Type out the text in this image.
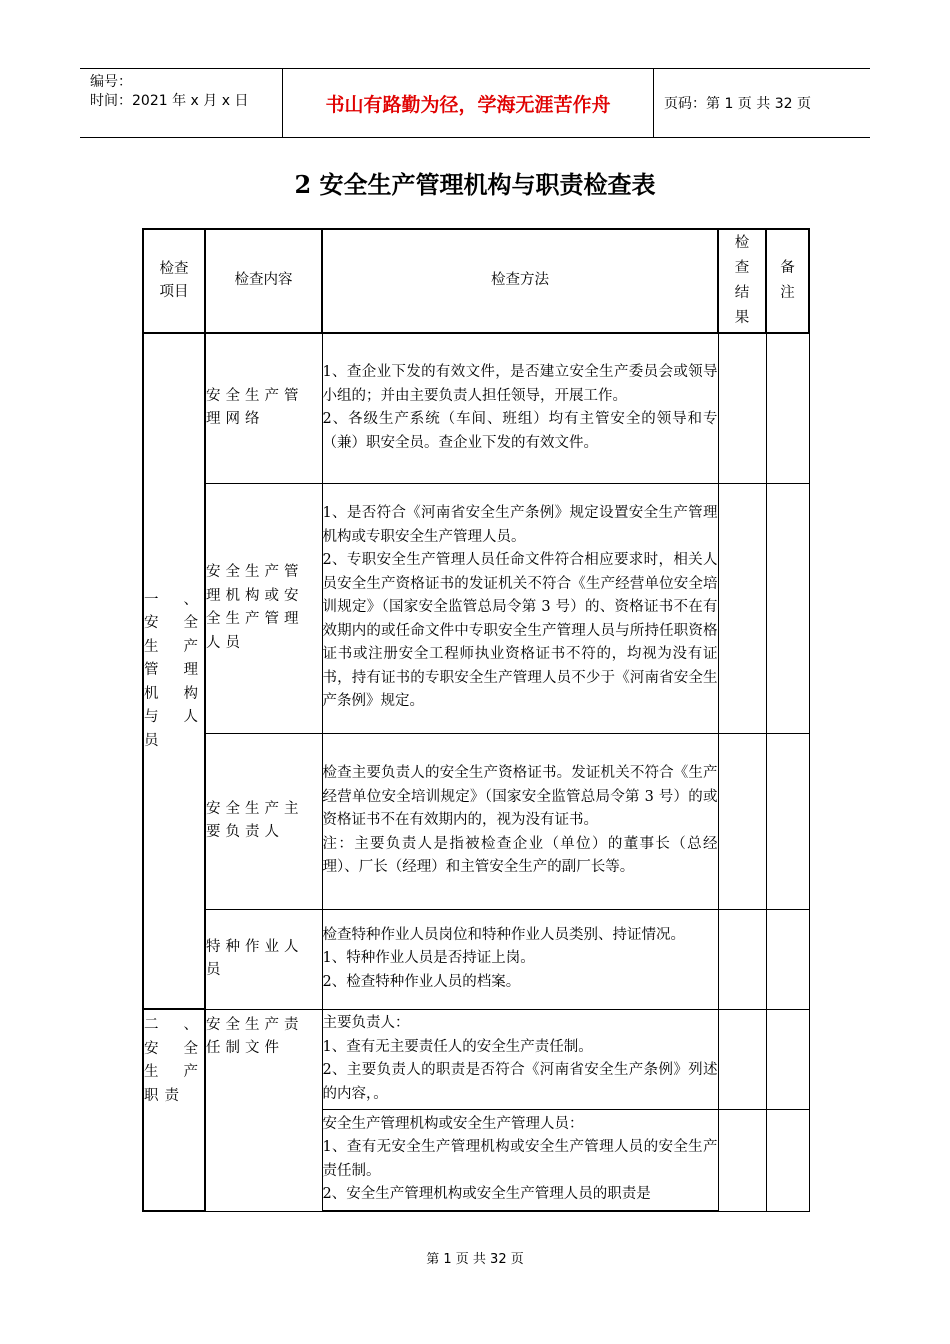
编号：
时间：2021 年 x 月 x 日	书山有路勤为径，学海无涯苦作舟	页码：第 1 页 共 32 页
2 安全生产管理机构与职责检查表
检查项目	检查内容	检查方法	检查结果	备注

一、安全生产管理机构与人员	安全生产管理网络	1、查企业下发的有效文件，是否建立安全生产委员会或领导小组的；并由主要负责人担任领导，开展工作。
2、各级生产系统（车间、班组）均有主管安全的领导和专（兼）职安全员。查企业下发的有效文件。		

	安全生产管理机构或安全生产管理人员	1、是否符合《河南省安全生产条例》规定设置安全生产管理机构或专职安全生产管理人员。
2、专职安全生产管理人员任命文件符合相应要求时，相关人员安全生产资格证书的发证机关不符合《生产经营单位安全培训规定》（国家安全监管总局令第 3 号）的、资格证书不在有效期内的或任命文件中专职安全生产管理人员与所持任职资格证书或注册安全工程师执业资格证书不符的，均视为没有证书，持有证书的专职安全生产管理人员不少于《河南省安全生产条例》规定。		

	安全生产主要负责人	检查主要负责人的安全生产资格证书。发证机关不符合《生产经营单位安全培训规定》（国家安全监管总局令第 3 号）的或资格证书不在有效期内的，视为没有证书。
注：主要负责人是指被检查企业（单位）的董事长（总经理）、厂长（经理）和主管安全生产的副厂长等。		

	特种作业人员	检查特种作业人员岗位和特种作业人员类别、持证情况。
1、特种作业人员是否持证上岗。
2、检查特种作业人员的档案。		

二、安全生产职责	安全生产责任制文件	主要负责人：
1、查有无主要责任人的安全生产责任制。
2、主要负责人的职责是否符合《河南省安全生产条例》列述的内容，。		

		安全生产管理机构或安全生产管理人员：
1、查有无安全生产管理机构或安全生产管理人员的安全生产责任制。
2、安全生产管理机构或安全生产管理人员的职责是		

第 1 页 共 32 页
